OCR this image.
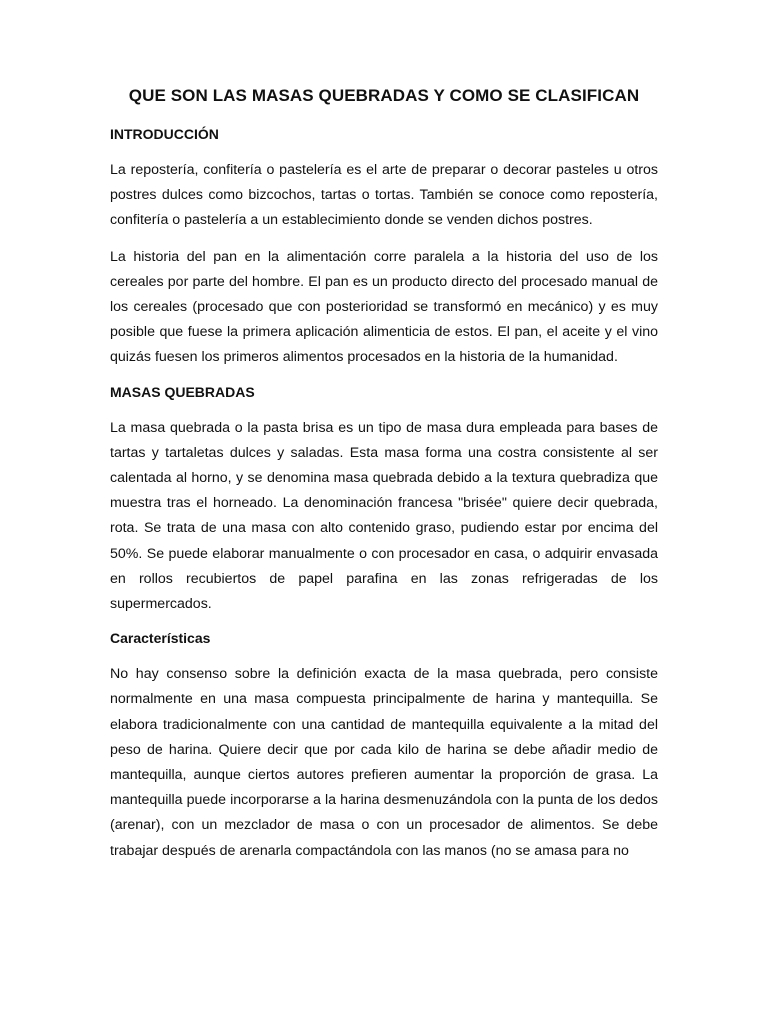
QUE SON LAS MASAS QUEBRADAS Y COMO SE CLASIFICAN
INTRODUCCIÓN

La repostería, confitería o pastelería es el arte de preparar o decorar pasteles u otros postres dulces como bizcochos, tartas o tortas. También se conoce como repostería, confitería o pastelería a un establecimiento donde se venden dichos postres.

La historia del pan en la alimentación corre paralela a la historia del uso de los cereales por parte del hombre. El pan es un producto directo del procesado manual de los cereales (procesado que con posterioridad se transformó en mecánico) y es muy posible que fuese la primera aplicación alimenticia de estos. El pan, el aceite y el vino quizás fuesen los primeros alimentos procesados en la historia de la humanidad.

MASAS QUEBRADAS

La masa quebrada o la pasta brisa es un tipo de masa dura empleada para bases de tartas y tartaletas dulces y saladas. Esta masa forma una costra consistente al ser calentada al horno, y se denomina masa quebrada debido a la textura quebradiza que muestra tras el horneado. La denominación francesa "brisée" quiere decir quebrada, rota. Se trata de una masa con alto contenido graso, pudiendo estar por encima del 50%. Se puede elaborar manualmente o con procesador en casa, o adquirir envasada en rollos recubiertos de papel parafina en las zonas refrigeradas de los supermercados.

Características

No hay consenso sobre la definición exacta de la masa quebrada, pero consiste normalmente en una masa compuesta principalmente de harina y mantequilla. Se elabora tradicionalmente con una cantidad de mantequilla equivalente a la mitad del peso de harina. Quiere decir que por cada kilo de harina se debe añadir medio de mantequilla, aunque ciertos autores prefieren aumentar la proporción de grasa. La mantequilla puede incorporarse a la harina desmenuzándola con la punta de los dedos (arenar), con un mezclador de masa o con un procesador de alimentos. Se debe trabajar después de arenarla compactándola con las manos (no se amasa para no
